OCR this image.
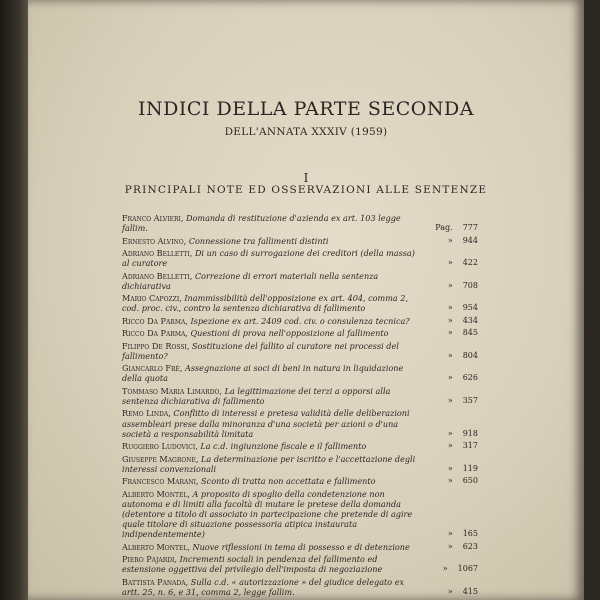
INDICI DELLA PARTE SECONDA
DELL'ANNATA XXXIV (1959)
I
PRINCIPALI NOTE ED OSSERVAZIONI ALLE SENTENZE
Franco Alvieri, Domanda di restituzione d'azienda ex art. 103 legge fallim.	Pag. 777
Ernesto Alvino, Connessione tra fallimenti distinti	» 944
Adriano Belletti, Di un caso di surrogazione dei creditori (della massa) al curatore	» 422
Adriano Belletti, Correzione di errori materiali nella sentenza dichiarativa	» 708
Mario Capozzi, Inammissibilità dell'opposizione ex art. 404, comma 2, cod. proc. civ., contro la sentenza dichiarativa di fallimento	» 954
Ricco Da Parma, Ispezione ex art. 2409 cod. civ. o consulenza tecnica?	» 434
Ricco Da Parma, Questioni di prova nell'opposizione al fallimento	» 845
Filippo De Rossi, Sostituzione del fallito al curatore nei processi del fallimento?	» 804
Giancarlo Frè, Assegnazione ai soci di beni in natura in liquidazione della quota	» 626
Tommaso Maria Limardo, La legittimazione dei terzi a opporsi alla sentenza dichiarativa di fallimento	» 357
Remo Linda, Conflitto di interessi e pretesa validità delle deliberazioni assembleari prese dalla minoranza d'una società per azioni o d'una società a responsabilità limitata	» 918
Ruggiero Ludovici, La c.d. ingiunzione fiscale e il fallimento	» 317
Giuseppe Magrone, La determinazione per iscritto e l'accettazione degli interessi convenzionali	» 119
Francesco Marani, Sconto di tratta non accettata e fallimento	» 650
Alberto Montel, A proposito di spoglio della condetenzione non autonoma e di limiti alla facoltà di mutare le pretese della domanda (detentore a titolo di associato in partecipazione che pretende di agire quale titolare di situazione possessoria atipica instaurata indipendentemente)	» 165
Alberto Montel, Nuove riflessioni in tema di possesso e di detenzione	» 623
Piero Pajardi, Incrementi sociali in pendenza del fallimento ed estensione oggettiva del privilegio dell'imposta di negoziazione	» 1067
Battista Panada, Sulla c.d. « autorizzazione » del giudice delegato ex artt. 25, n. 6, e 31, comma 2, legge fallim.	» 415
